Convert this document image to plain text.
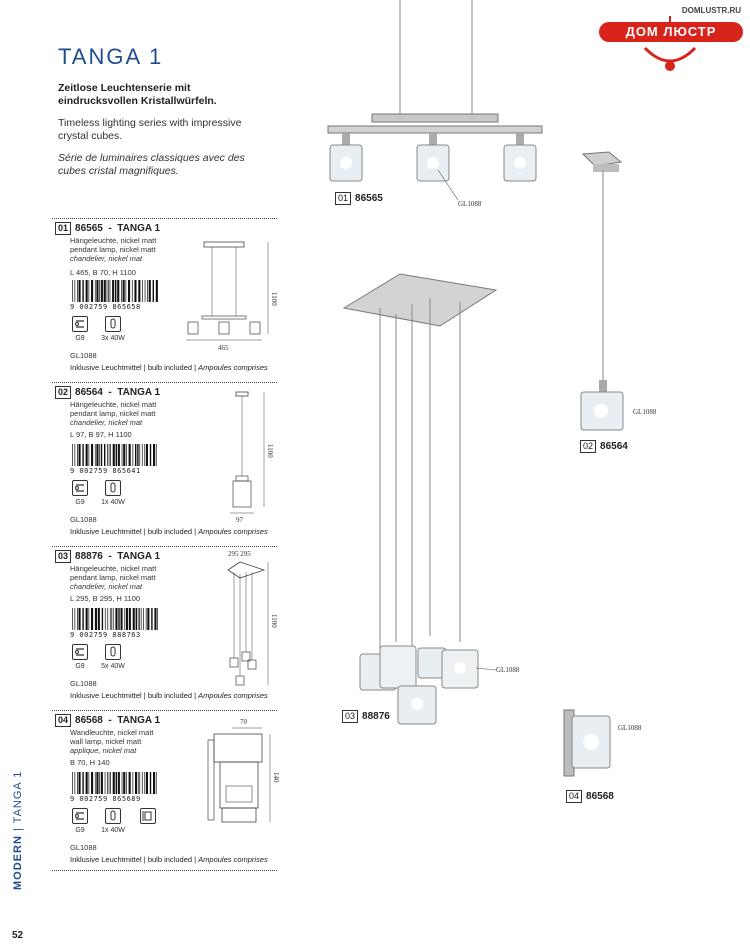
TANGA 1
Zeitlose Leuchtenserie mit eindrucksvollen Kristallwürfeln.
Timeless lighting series with impressive crystal cubes.
Série de luminaires classiques avec des cubes cristal magnifiques.
DOMLUSTR.RU
ДОМ ЛЮСТР
01 86565  -  TANGA 1
Hängeleuchte, nickel matt
pendant lamp, nickel matt
chandelier, nickel mat
L 465, B 70, H 1100
9 002759 865658
G9	3x 40W
GL1088
Inklusive Leuchtmittel | bulb included | Ampoules comprises
465
1100
02 86564  -  TANGA 1
Hängeleuchte, nickel matt
pendant lamp, nickel matt
chandelier, nickel mat
L 97, B 97, H 1100
9 002759 865641
G9	1x 40W
GL1088
Inklusive Leuchtmittel | bulb included | Ampoules comprises
97
1100
03 88876  -  TANGA 1
Hängeleuchte, nickel matt
pendant lamp, nickel matt
chandelier, nickel mat
L 295, B 295, H 1100
9 002759 888763
G9	5x 40W
GL1088
Inklusive Leuchtmittel | bulb included | Ampoules comprises
295 295
1100
04 86568  -  TANGA 1
Wandleuchte, nickel matt
wall lamp, nickel matt
applique, nickel mat
B 70, H 140
9 002759 865689
G9	1x 40W
GL1088
Inklusive Leuchtmittel | bulb included | Ampoules comprises
70
140
01 86565	GL1088
GL1088
02 86564
GL1088
03 88876
GL1088
04 86568
MODERN | TANGA 1
52
